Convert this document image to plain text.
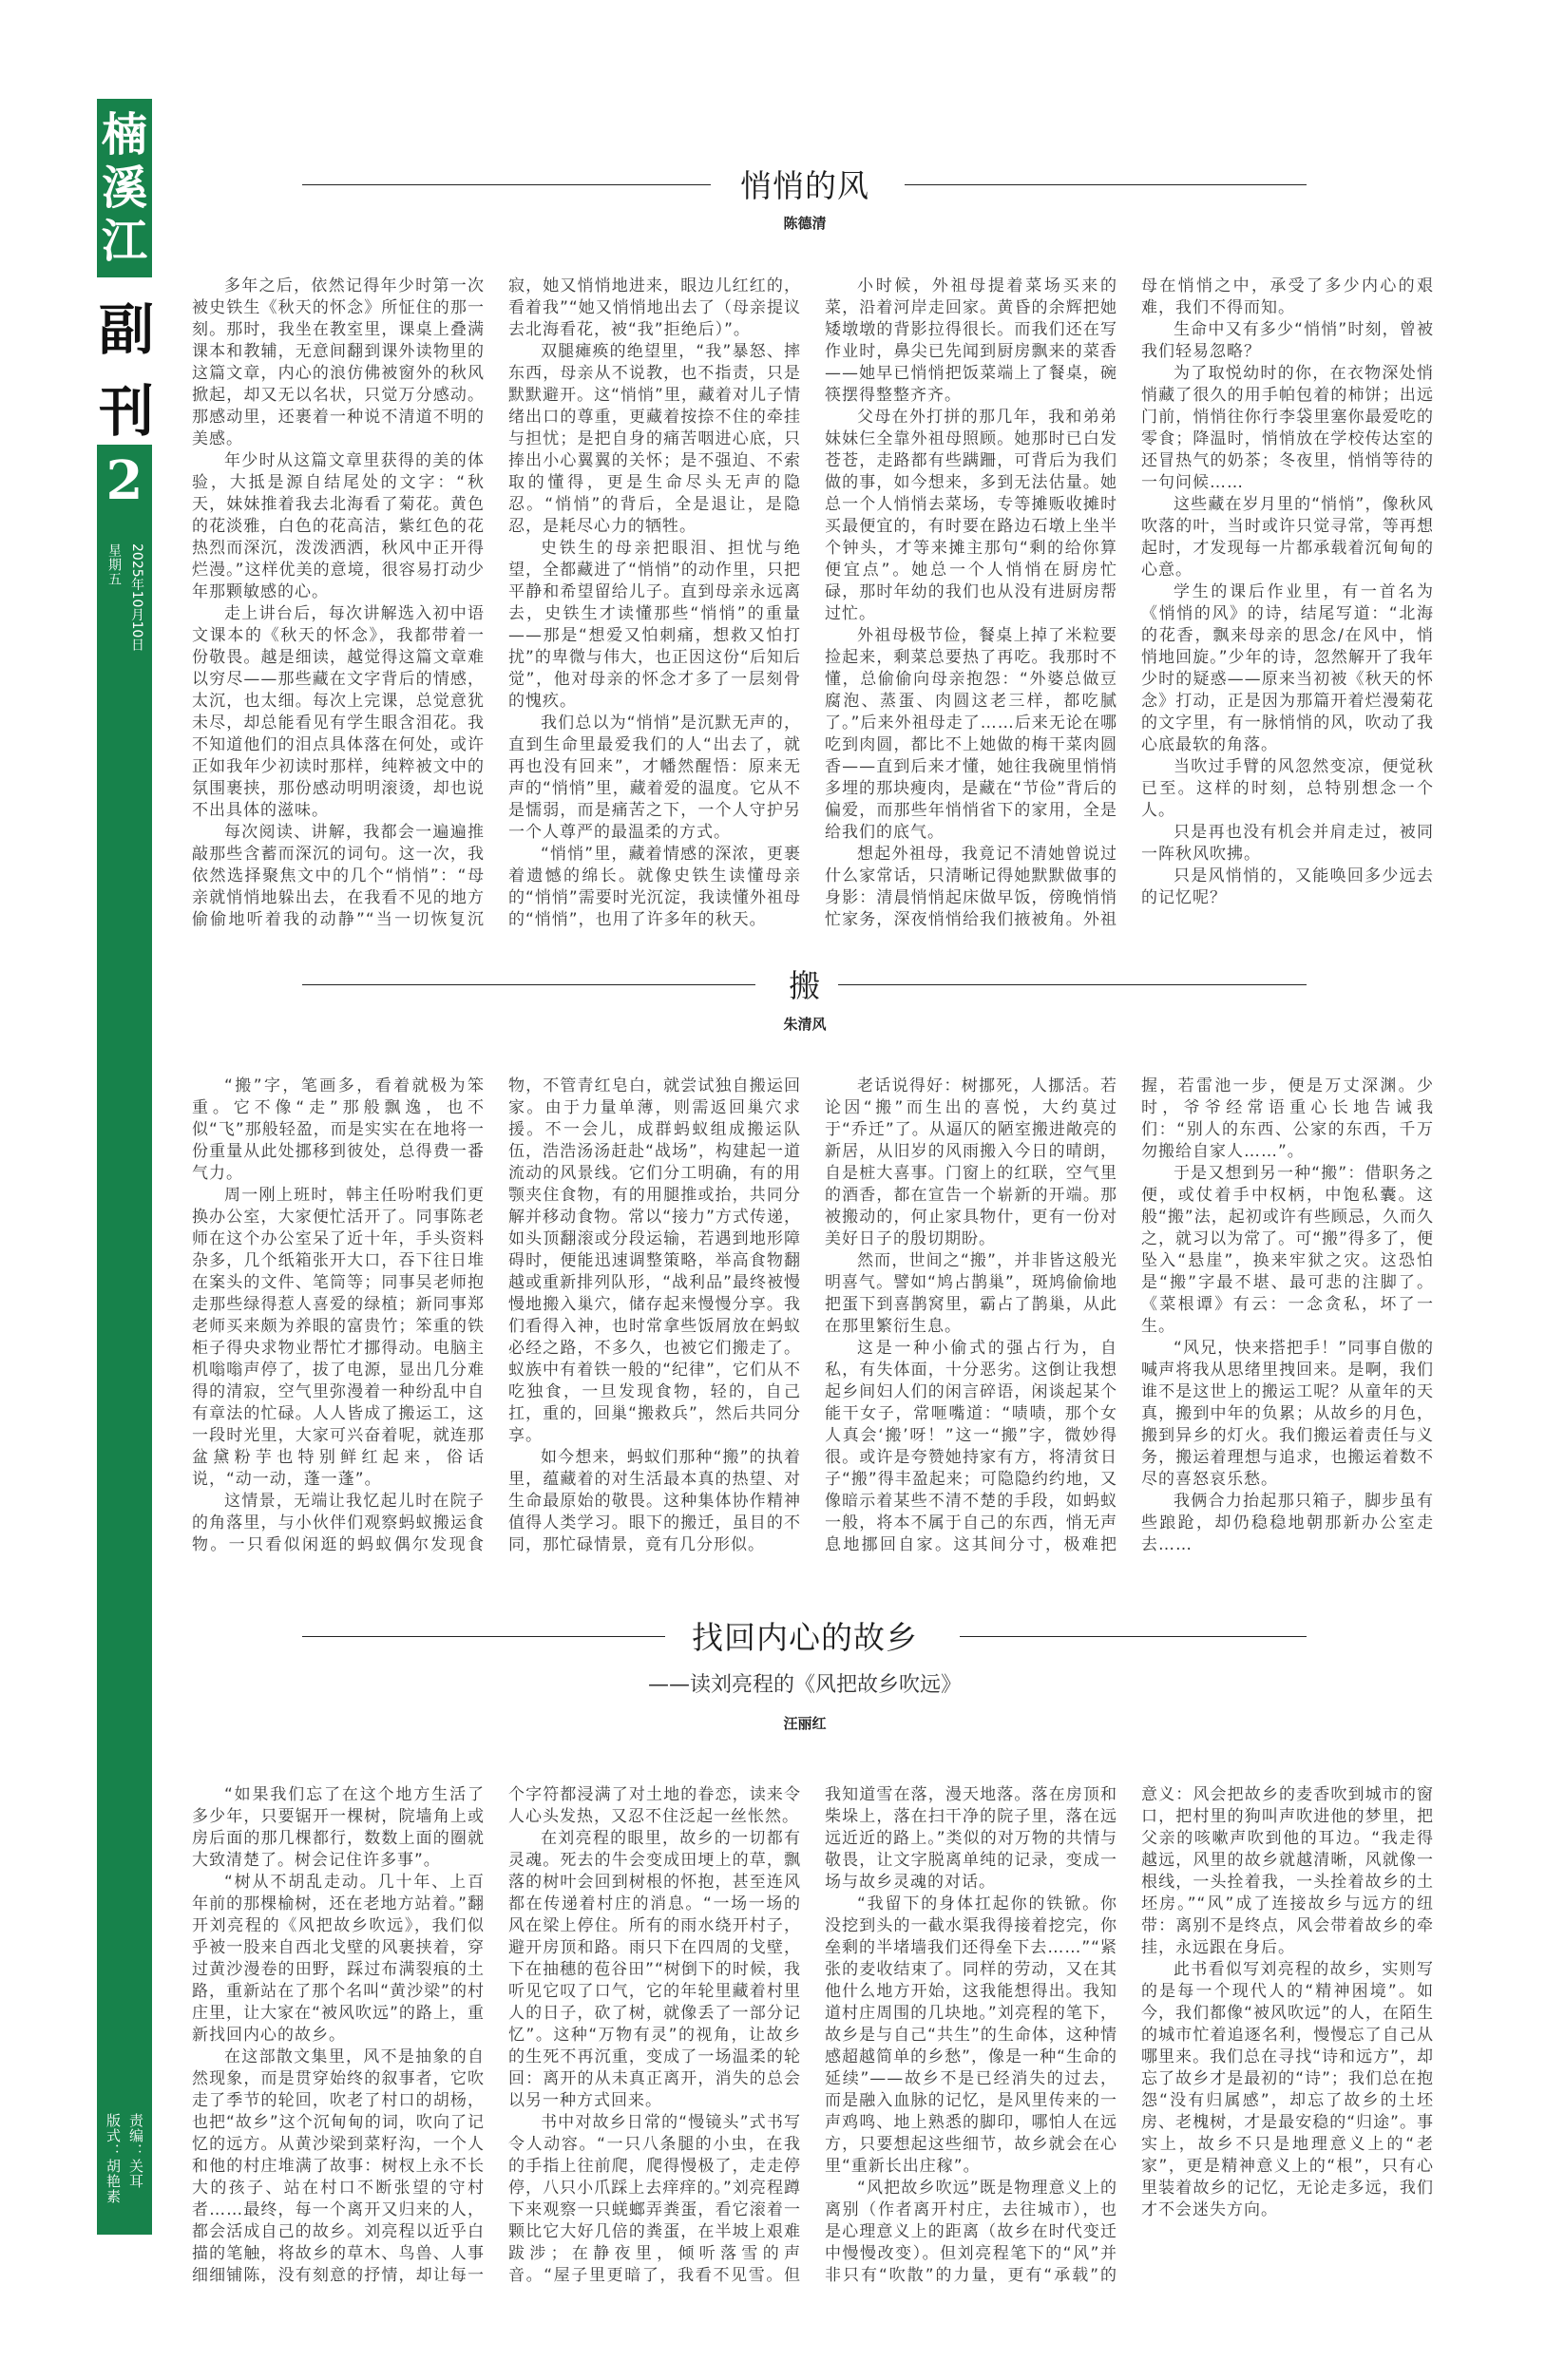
楠
溪
江
副
刊
2
星期五 2025年10月10日
责编：关耳
版式：胡艳素
悄悄的风
陈德清

多年之后，依然记得年少时第一次被史铁生《秋天的怀念》所怔住的那一刻。那时，我坐在教室里，课桌上叠满课本和教辅，无意间翻到课外读物里的这篇文章，内心的浪仿佛被窗外的秋风掀起，却又无以名状，只觉万分感动。那感动里，还裹着一种说不清道不明的美感。

年少时从这篇文章里获得的美的体验，大抵是源自结尾处的文字：“秋天，妹妹推着我去北海看了菊花。黄色的花淡雅，白色的花高洁，紫红色的花热烈而深沉，泼泼洒洒，秋风中正开得烂漫。”这样优美的意境，很容易打动少年那颗敏感的心。

走上讲台后，每次讲解选入初中语文课本的《秋天的怀念》，我都带着一份敬畏。越是细读，越觉得这篇文章难以穷尽——那些藏在文字背后的情感，太沉，也太细。每次上完课，总觉意犹未尽，却总能看见有学生眼含泪花。我不知道他们的泪点具体落在何处，或许正如我年少初读时那样，纯粹被文中的氛围裹挟，那份感动明明滚烫，却也说不出具体的滋味。

每次阅读、讲解，我都会一遍遍推敲那些含蓄而深沉的词句。这一次，我依然选择聚焦文中的几个“悄悄”：“母亲就悄悄地躲出去，在我看不见的地方偷偷地听着我的动静”“当一切恢复沉寂，她又悄悄地进来，眼边儿红红的，看着我”“她又悄悄地出去了（母亲提议去北海看花，被“我”拒绝后）”。

双腿瘫痪的绝望里，“我”暴怒、摔东西，母亲从不说教，也不指责，只是默默避开。这“悄悄”里，藏着对儿子情绪出口的尊重，更藏着按捺不住的牵挂与担忧；是把自身的痛苦咽进心底，只捧出小心翼翼的关怀；是不强迫、不索取的懂得，更是生命尽头无声的隐忍。“悄悄”的背后，全是退让，是隐忍，是耗尽心力的牺牲。

史铁生的母亲把眼泪、担忧与绝望，全都藏进了“悄悄”的动作里，只把平静和希望留给儿子。直到母亲永远离去，史铁生才读懂那些“悄悄”的重量——那是“想爱又怕刺痛，想救又怕打扰”的卑微与伟大，也正因这份“后知后觉”，他对母亲的怀念才多了一层刻骨的愧疚。

我们总以为“悄悄”是沉默无声的，直到生命里最爱我们的人“出去了，就再也没有回来”，才幡然醒悟：原来无声的“悄悄”里，藏着爱的温度。它从不是懦弱，而是痛苦之下，一个人守护另一个人尊严的最温柔的方式。

“悄悄”里，藏着情感的深浓，更裹着遗憾的绵长。就像史铁生读懂母亲的“悄悄”需要时光沉淀，我读懂外祖母的“悄悄”，也用了许多年的秋天。

小时候，外祖母提着菜场买来的菜，沿着河岸走回家。黄昏的余辉把她矮墩墩的背影拉得很长。而我们还在写作业时，鼻尖已先闻到厨房飘来的菜香——她早已悄悄把饭菜端上了餐桌，碗筷摆得整整齐齐。

父母在外打拼的那几年，我和弟弟妹妹仨全靠外祖母照顾。她那时已白发苍苍，走路都有些蹒跚，可背后为我们做的事，如今想来，多到无法估量。她总一个人悄悄去菜场，专等摊贩收摊时买最便宜的，有时要在路边石墩上坐半个钟头，才等来摊主那句“剩的给你算便宜点”。她总一个人悄悄在厨房忙碌，那时年幼的我们也从没有进厨房帮过忙。

外祖母极节俭，餐桌上掉了米粒要捡起来，剩菜总要热了再吃。我那时不懂，总偷偷向母亲抱怨：“外婆总做豆腐泡、蒸蛋、肉圆这老三样，都吃腻了。”后来外祖母走了……后来无论在哪吃到肉圆，都比不上她做的梅干菜肉圆香——直到后来才懂，她往我碗里悄悄多埋的那块瘦肉，是藏在“节俭”背后的偏爱，而那些年悄悄省下的家用，全是给我们的底气。

想起外祖母，我竟记不清她曾说过什么家常话，只清晰记得她默默做事的身影：清晨悄悄起床做早饭，傍晚悄悄忙家务，深夜悄悄给我们掖被角。外祖母在悄悄之中，承受了多少内心的艰难，我们不得而知。

生命中又有多少“悄悄”时刻，曾被我们轻易忽略？

为了取悦幼时的你，在衣物深处悄悄藏了很久的用手帕包着的柿饼；出远门前，悄悄往你行李袋里塞你最爱吃的零食；降温时，悄悄放在学校传达室的还冒热气的奶茶；冬夜里，悄悄等待的一句问候……

这些藏在岁月里的“悄悄”，像秋风吹落的叶，当时或许只觉寻常，等再想起时，才发现每一片都承载着沉甸甸的心意。

学生的课后作业里，有一首名为《悄悄的风》的诗，结尾写道：“北海的花香，飘来母亲的思念/在风中，悄悄地回旋。”少年的诗，忽然解开了我年少时的疑惑——原来当初被《秋天的怀念》打动，正是因为那篇开着烂漫菊花的文字里，有一脉悄悄的风，吹动了我心底最软的角落。

当吹过手臂的风忽然变凉，便觉秋已至。这样的时刻，总特别想念一个人。

只是再也没有机会并肩走过，被同一阵秋风吹拂。

只是风悄悄的，又能唤回多少远去的记忆呢？

搬
朱清风

“搬”字，笔画多，看着就极为笨重。它不像“走”那般飘逸，也不似“飞”那般轻盈，而是实实在在地将一份重量从此处挪移到彼处，总得费一番气力。

周一刚上班时，韩主任吩咐我们更换办公室，大家便忙活开了。同事陈老师在这个办公室呆了近十年，手头资料杂多，几个纸箱张开大口，吞下往日堆在案头的文件、笔筒等；同事吴老师抱走那些绿得惹人喜爱的绿植；新同事郑老师买来颇为养眼的富贵竹；笨重的铁柜子得央求物业帮忙才挪得动。电脑主机嗡嗡声停了，拔了电源，显出几分难得的清寂，空气里弥漫着一种纷乱中自有章法的忙碌。人人皆成了搬运工，这一段时光里，大家可兴奋着呢，就连那盆黛粉芋也特别鲜红起来，俗话说，“动一动，蓬一蓬”。

这情景，无端让我忆起儿时在院子的角落里，与小伙伴们观察蚂蚁搬运食物。一只看似闲逛的蚂蚁偶尔发现食物，不管青红皂白，就尝试独自搬运回家。由于力量单薄，则需返回巢穴求援。不一会儿，成群蚂蚁组成搬运队伍，浩浩汤汤赶赴“战场”，构建起一道流动的风景线。它们分工明确，有的用颚夹住食物，有的用腿推或抬，共同分解并移动食物。常以“接力”方式传递，如头顶翻滚或分段运输，若遇到地形障碍时，便能迅速调整策略，举高食物翻越或重新排列队形，“战利品”最终被慢慢地搬入巢穴，储存起来慢慢分享。我们看得入神，也时常拿些饭屑放在蚂蚁必经之路，不多久，也被它们搬走了。蚁族中有着铁一般的“纪律”，它们从不吃独食，一旦发现食物，轻的，自己扛，重的，回巢“搬救兵”，然后共同分享。

如今想来，蚂蚁们那种“搬”的执着里，蕴藏着的对生活最本真的热望、对生命最原始的敬畏。这种集体协作精神值得人类学习。眼下的搬迁，虽目的不同，那忙碌情景，竟有几分形似。

老话说得好：树挪死，人挪活。若论因“搬”而生出的喜悦，大约莫过于“乔迁”了。从逼仄的陋室搬进敞亮的新居，从旧岁的风雨搬入今日的晴朗，自是桩大喜事。门窗上的红联，空气里的酒香，都在宣告一个崭新的开端。那被搬动的，何止家具物什，更有一份对美好日子的殷切期盼。

然而，世间之“搬”，并非皆这般光明喜气。譬如“鸠占鹊巢”，斑鸠偷偷地把蛋下到喜鹊窝里，霸占了鹊巢，从此在那里繁衍生息。

这是一种小偷式的强占行为，自私，有失体面，十分恶劣。这倒让我想起乡间妇人们的闲言碎语，闲谈起某个能干女子，常咂嘴道：“啧啧，那个女人真会‘搬’呀！”这一“搬”字，微妙得很。或许是夸赞她持家有方，将清贫日子“搬”得丰盈起来；可隐隐约约地，又像暗示着某些不清不楚的手段，如蚂蚁一般，将本不属于自己的东西，悄无声息地挪回自家。这其间分寸，极难把握，若雷池一步，便是万丈深渊。少时，爷爷经常语重心长地告诫我们：“别人的东西、公家的东西，千万勿搬给自家人……”。

于是又想到另一种“搬”：借职务之便，或仗着手中权柄，中饱私囊。这般“搬”法，起初或许有些顾忌，久而久之，就习以为常了。可“搬”得多了，便坠入“悬崖”，换来牢狱之灾。这恐怕是“搬”字最不堪、最可悲的注脚了。《菜根谭》有云：一念贪私，坏了一生。

“风兄，快来搭把手！”同事自傲的喊声将我从思绪里拽回来。是啊，我们谁不是这世上的搬运工呢？从童年的天真，搬到中年的负累；从故乡的月色，搬到异乡的灯火。我们搬运着责任与义务，搬运着理想与追求，也搬运着数不尽的喜怒哀乐愁。

我俩合力抬起那只箱子，脚步虽有些踉跄，却仍稳稳地朝那新办公室走去……

找回内心的故乡
——读刘亮程的《风把故乡吹远》
汪丽红

“如果我们忘了在这个地方生活了多少年，只要锯开一棵树，院墙角上或房后面的那几棵都行，数数上面的圈就大致清楚了。树会记住许多事”。

“树从不胡乱走动。几十年、上百年前的那棵榆树，还在老地方站着。”翻开刘亮程的《风把故乡吹远》，我们似乎被一股来自西北戈壁的风裹挟着，穿过黄沙漫卷的田野，踩过布满裂痕的土路，重新站在了那个名叫“黄沙梁”的村庄里，让大家在“被风吹远”的路上，重新找回内心的故乡。

在这部散文集里，风不是抽象的自然现象，而是贯穿始终的叙事者，它吹走了季节的轮回，吹老了村口的胡杨，也把“故乡”这个沉甸甸的词，吹向了记忆的远方。从黄沙梁到菜籽沟，一个人和他的村庄堆满了故事：树杈上永不长大的孩子、站在村口不断张望的守村者……最终，每一个离开又归来的人，都会活成自己的故乡。刘亮程以近乎白描的笔触，将故乡的草木、鸟兽、人事细细铺陈，没有刻意的抒情，却让每一个字符都浸满了对土地的眷恋，读来令人心头发热，又忍不住泛起一丝怅然。

在刘亮程的眼里，故乡的一切都有灵魂。死去的牛会变成田埂上的草，飘落的树叶会回到树根的怀抱，甚至连风都在传递着村庄的消息。“一场一场的风在梁上停住。所有的雨水绕开村子，避开房顶和路。雨只下在四周的戈壁，下在抽穗的苞谷田”“树倒下的时候，我听见它叹了口气，它的年轮里藏着村里人的日子，砍了树，就像丢了一部分记忆”。这种“万物有灵”的视角，让故乡的生死不再沉重，变成了一场温柔的轮回：离开的从未真正离开，消失的总会以另一种方式回来。

书中对故乡日常的“慢镜头”式书写令人动容。“一只八条腿的小虫，在我的手指上往前爬，爬得慢极了，走走停停，八只小爪踩上去痒痒的。”刘亮程蹲下来观察一只蜣螂弄粪蛋，看它滚着一颗比它大好几倍的粪蛋，在半坡上艰难跋涉；在静夜里，倾听落雪的声音。“屋子里更暗了，我看不见雪。但我知道雪在落，漫天地落。落在房顶和柴垛上，落在扫干净的院子里，落在远远近近的路上。”类似的对万物的共情与敬畏，让文字脱离单纯的记录，变成一场与故乡灵魂的对话。

“我留下的身体扛起你的铁锨。你没挖到头的一截水渠我得接着挖完，你垒剩的半堵墙我们还得垒下去……”“紧张的麦收结束了。同样的劳动，又在其他什么地方开始，这我能想得出。我知道村庄周围的几块地。”刘亮程的笔下，故乡是与自己“共生”的生命体，这种情感超越简单的乡愁”，像是一种“生命的延续”——故乡不是已经消失的过去，而是融入血脉的记忆，是风里传来的一声鸡鸣、地上熟悉的脚印，哪怕人在远方，只要想起这些细节，故乡就会在心里“重新长出庄稼”。

“风把故乡吹远”既是物理意义上的离别（作者离开村庄，去往城市），也是心理意义上的距离（故乡在时代变迁中慢慢改变）。但刘亮程笔下的“风”并非只有“吹散”的力量，更有“承载”的意义：风会把故乡的麦香吹到城市的窗口，把村里的狗叫声吹进他的梦里，把父亲的咳嗽声吹到他的耳边。“我走得越远，风里的故乡就越清晰，风就像一根线，一头拴着我，一头拴着故乡的土坯房。”“风”成了连接故乡与远方的纽带：离别不是终点，风会带着故乡的牵挂，永远跟在身后。

此书看似写刘亮程的故乡，实则写的是每一个现代人的“精神困境”。如今，我们都像“被风吹远”的人，在陌生的城市忙着追逐名利，慢慢忘了自己从哪里来。我们总在寻找“诗和远方”，却忘了故乡才是最初的“诗”；我们总在抱怨“没有归属感”，却忘了故乡的土坯房、老槐树，才是最安稳的“归途”。事实上，故乡不只是地理意义上的“老家”，更是精神意义上的“根”，只有心里装着故乡的记忆，无论走多远，我们才不会迷失方向。
